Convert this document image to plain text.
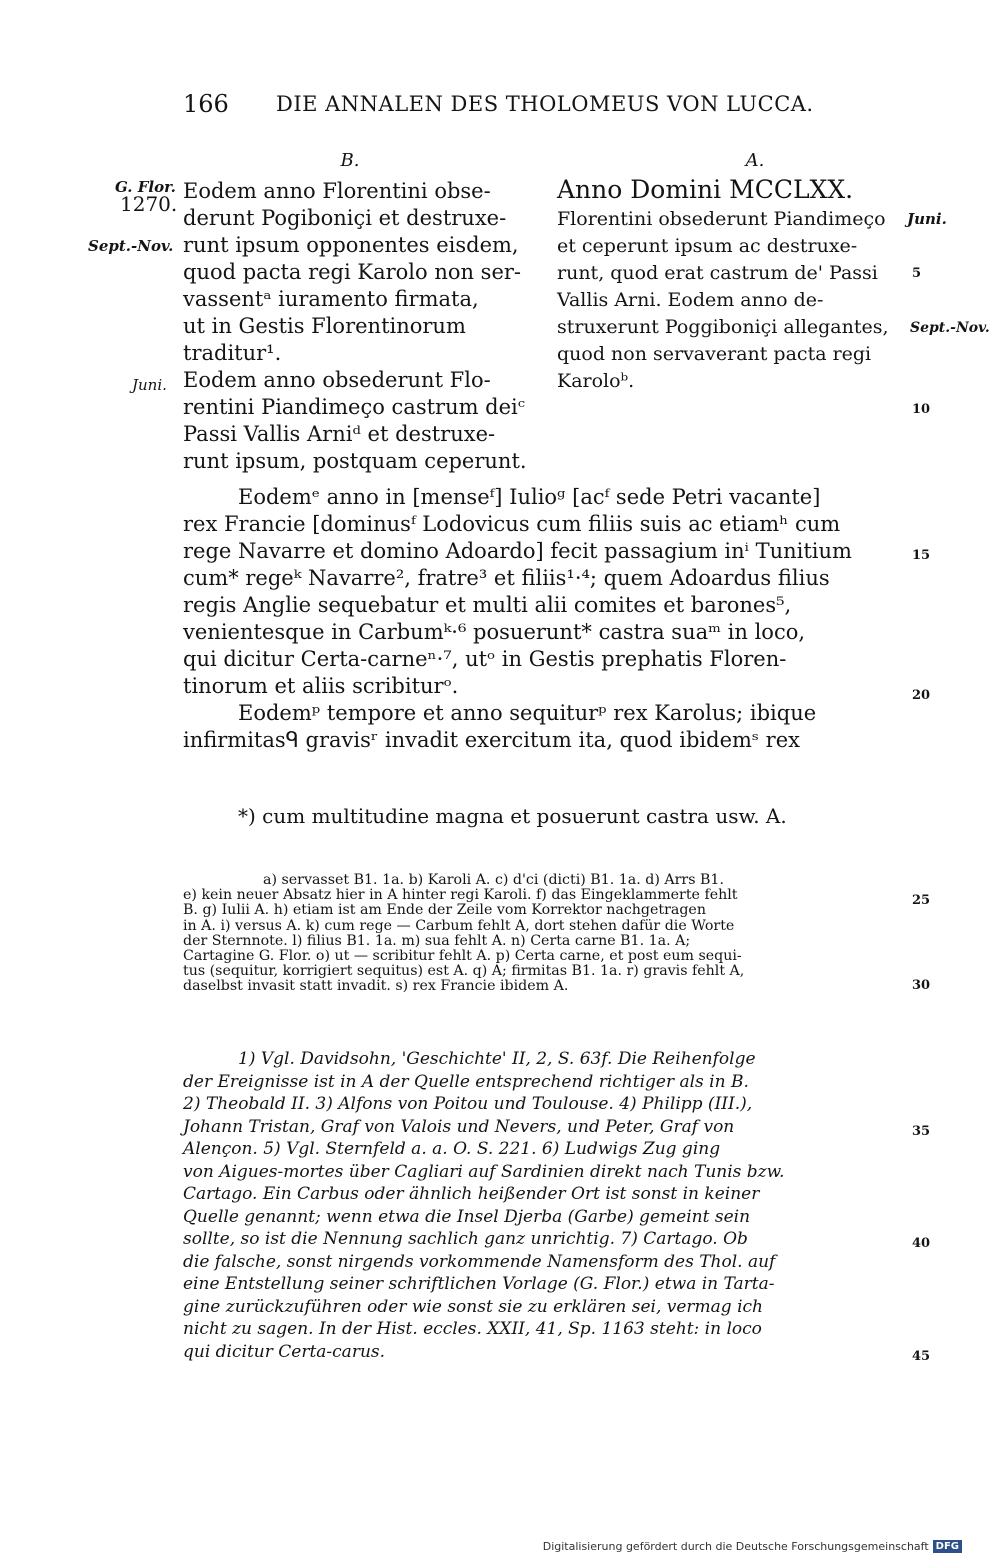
166 DIE ANNALEN DES THOLOMEUS VON LUCCA.
B.	A.
G. Flor.
1270.
Sept.-Nov.
Juni.
Juni.
Sept.-Nov.
5
10
15
20
25
30
35
40
45
Eodem anno Florentini obse-
derunt Pogiboniçi et destruxe-
runt ipsum opponentes eisdem,
quod pacta regi Karolo non ser-
vassentᵃ iuramento firmata,
ut in Gestis Florentinorum
traditur¹.
Eodem anno obsederunt Flo-
rentini Piandimeço castrum deiᶜ
Passi Vallis Arniᵈ et destruxe-
runt ipsum, postquam ceperunt.
Anno Domini MCCLXX.
Florentini obsederunt Piandimeço
et ceperunt ipsum ac destruxe-
runt, quod erat castrum de' Passi
Vallis Arni. Eodem anno de-
struxerunt Poggiboniçi allegantes,
quod non servaverant pacta regi
Karoloᵇ.
Eodemᵉ anno in [menseᶠ] Iulioᵍ [acᶠ sede Petri vacante]
rex Francie [dominusᶠ Lodovicus cum filiis suis ac etiamʰ cum
rege Navarre et domino Adoardo] fecit passagium inⁱ Tunitium
cum* regeᵏ Navarre², fratre³ et filiis¹·⁴; quem Adoardus filius
regis Anglie sequebatur et multi alii comites et barones⁵,
venientesque in Carbumᵏ·⁶ posuerunt* castra suaᵐ in loco,
qui dicitur Certa-carneⁿ·⁷, utᵒ in Gestis prephatis Floren-
tinorum et aliis scribiturᵒ.
Eodemᵖ tempore et anno sequiturᵖ rex Karolus; ibique
infirmitasᑫ gravisʳ invadit exercitum ita, quod ibidemˢ rex
*) cum multitudine magna et posuerunt castra usw. A.
a) servasset B1. 1a. b) Karoli A. c) d'ci (dicti) B1. 1a. d) Arrs B1.
e) kein neuer Absatz hier in A hinter regi Karoli. f) das Eingeklammerte fehlt
B. g) Iulii A. h) etiam ist am Ende der Zeile vom Korrektor nachgetragen
in A. i) versus A. k) cum rege — Carbum fehlt A, dort stehen dafür die Worte
der Sternnote. l) filius B1. 1a. m) sua fehlt A. n) Certa carne B1. 1a. A;
Cartagine G. Flor. o) ut — scribitur fehlt A. p) Certa carne, et post eum sequi-
tus (sequitur, korrigiert sequitus) est A. q) A; firmitas B1. 1a. r) gravis fehlt A,
daselbst invasit statt invadit. s) rex Francie ibidem A.
1) Vgl. Davidsohn, 'Geschichte' II, 2, S. 63f. Die Reihenfolge
der Ereignisse ist in A der Quelle entsprechend richtiger als in B.
2) Theobald II. 3) Alfons von Poitou und Toulouse. 4) Philipp (III.),
Johann Tristan, Graf von Valois und Nevers, und Peter, Graf von
Alençon. 5) Vgl. Sternfeld a. a. O. S. 221. 6) Ludwigs Zug ging
von Aigues-mortes über Cagliari auf Sardinien direkt nach Tunis bzw.
Cartago. Ein Carbus oder ähnlich heißender Ort ist sonst in keiner
Quelle genannt; wenn etwa die Insel Djerba (Garbe) gemeint sein
sollte, so ist die Nennung sachlich ganz unrichtig. 7) Cartago. Ob
die falsche, sonst nirgends vorkommende Namensform des Thol. auf
eine Entstellung seiner schriftlichen Vorlage (G. Flor.) etwa in Tarta-
gine zurückzuführen oder wie sonst sie zu erklären sei, vermag ich
nicht zu sagen. In der Hist. eccles. XXII, 41, Sp. 1163 steht: in loco
qui dicitur Certa-carus.
Digitalisierung gefördert durch die Deutsche Forschungsgemeinschaft DFG
